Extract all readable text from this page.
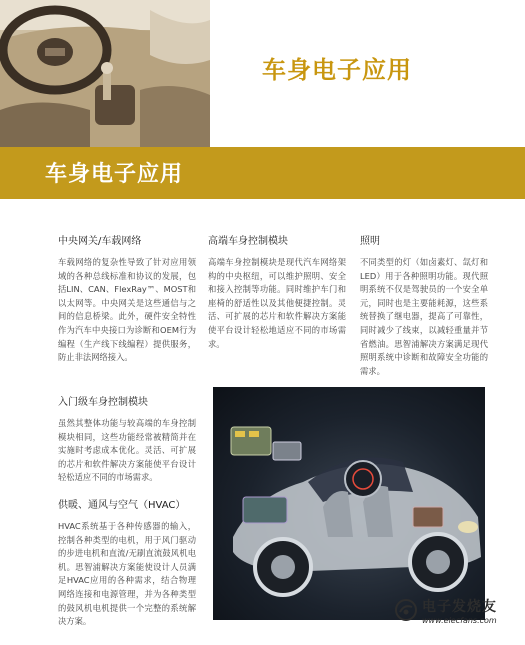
车身电子应用
车身电子应用
中央网关/车载网络

车载网络的复杂性导致了针对应用领域的各种总线标准和协议的发展，包括LIN、CAN、FlexRay™、MOST和以太网等。中央网关是这些通信与之间的信息桥梁。此外，硬件安全特性作为汽车中央接口为诊断和OEM行为编程（生产线下线编程）提供服务，防止非法网络接入。

高端车身控制模块

高端车身控制模块是现代汽车网络架构的中央枢纽，可以维护照明、安全和接入控制等功能。同时维护车门和座椅的舒适性以及其他便捷控制。灵活、可扩展的芯片和软件解决方案能使平台设计轻松地适应不同的市场需求。

照明

不同类型的灯（如卤素灯、氙灯和LED）用于各种照明功能。现代照明系统不仅是驾驶员的一个安全单元，同时也是主要能耗源，这些系统替换了继电器，提高了可靠性，同时减少了线束，以减轻重量并节省燃油。思智浦解决方案满足现代照明系统中诊断和故障安全功能的需求。

入门级车身控制模块

虽然其整体功能与较高端的车身控制模块相同，这些功能经常被精简并在实施时考虑成本优化。灵活、可扩展的芯片和软件解决方案能使平台设计轻松适应不同的市场需求。

供暖、通风与空气（HVAC）

HVAC系统基于各种传感器的输入，控制各种类型的电机，用于风门驱动的步进电机和直流/无刷直流鼓风机电机。思智浦解决方案能使设计人员满足HVAC应用的各种需求，结合物理网络连接和电源管理，并为各种类型的鼓风机电机提供一个完整的系统解决方案。

电子发烧友
www.elecfans.com
